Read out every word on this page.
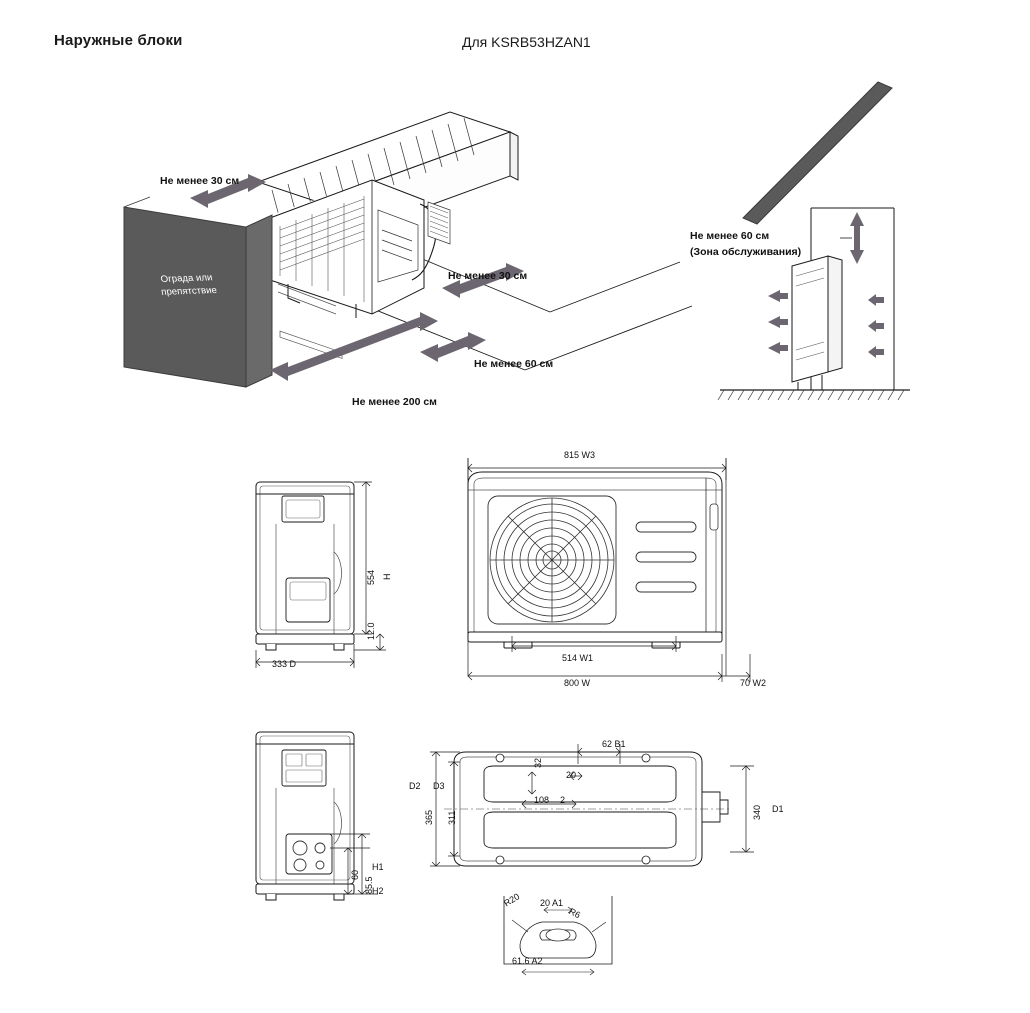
Наружные блоки	Для KSRB53HZAN1
Ограда или
препятствие
Не менее 30 см
Не менее 30 см
Не менее 60 см
Не менее 200 см
Не менее 60 см
(Зона обслуживания)
554 H
12.0
333 D
815 W3
514 W1
800 W	70 W2
60
85.5
H1
H2
D2 D3
365 311	340 D1
62 B1
32
20
108 2
R20 20 A1
R6
61.6 A2
